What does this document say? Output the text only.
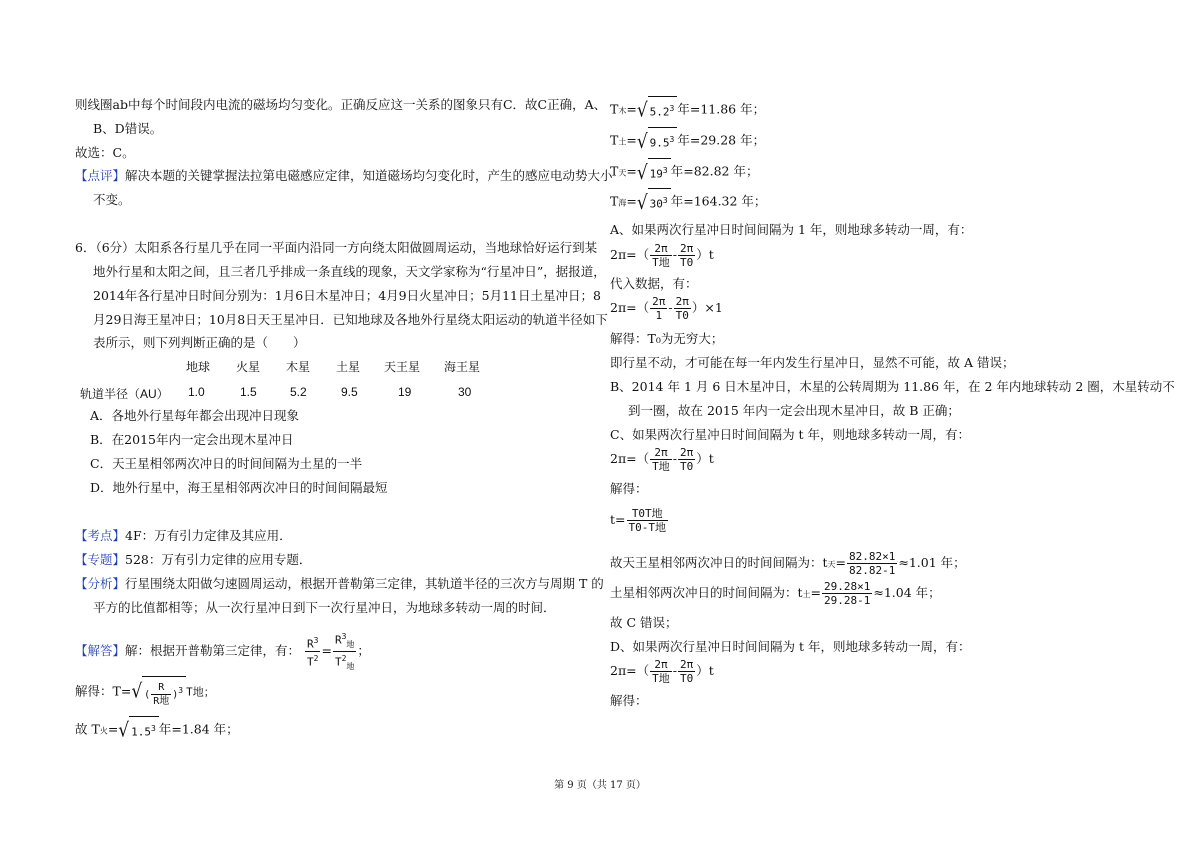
则线圈ab中每个时间段内电流的磁场均匀变化。正确反应这一关系的图象只有C．故C正确，A、
B、D错误。
故选：C。
【点评】解决本题的关键掌握法拉第电磁感应定律，知道磁场均匀变化时，产生的感应电动势大小
不变。
6．（6分）太阳系各行星几乎在同一平面内沿同一方向绕太阳做圆周运动，当地球恰好运行到某
地外行星和太阳之间，且三者几乎排成一条直线的现象，天文学家称为“行星冲日”，据报道，
2014年各行星冲日时间分别为：1月6日木星冲日；4月9日火星冲日；5月11日土星冲日；8
月29日海王星冲日；10月8日天王星冲日．已知地球及各地外行星绕太阳运动的轨道半径如下
表所示，则下列判断正确的是（　　）
地球 火星 木星 土星 天王星 海王星
轨道半径（AU） 1.0	1.5	5.2	9.5	19	30
A．各地外行星每年都会出现冲日现象
B．在2015年内一定会出现木星冲日
C．天王星相邻两次冲日的时间间隔为土星的一半
D．地外行星中，海王星相邻两次冲日的时间间隔最短
【考点】4F：万有引力定律及其应用．
【专题】528：万有引力定律的应用专题．
【分析】行星围绕太阳做匀速圆周运动，根据开普勒第三定律，其轨道半径的三次方与周期 T 的
平方的比值都相等；从一次行星冲日到下一次行星冲日，为地球多转动一周的时间．
【解答】解：根据开普勒第三定律，有： $\frac{R^3}{T^2} = \frac{R^3_地}{T^2_地}$ ；
解得：T=√ ( $\frac{R}{\text{R地}} )^3$ T地；
故 T火=√ $1.5^3$ 年=1.84 年；
T木=√ $5.2^3$ 年=11.86 年；
T土=√ $9.5^3$ 年=29.28 年；
T天=√ $19^3$ 年=82.82 年；
T海=√ $30^3$ 年=164.32 年；
A、如果两次行星冲日时间间隔为 1 年，则地球多转动一周，有：
$2\pi=( \frac{2\pi}{\text{T地}} - \frac{2\pi}{T0} )t$
代入数据，有：
$2\pi=( \frac{2\pi}{1} - \frac{2\pi}{T0} )\times 1$
解得：T₀为无穷大；
即行星不动，才可能在每一年内发生行星冲日，显然不可能，故 A 错误；
B、2014 年 1 月 6 日木星冲日，木星的公转周期为 11.86 年，在 2 年内地球转动 2 圈，木星转动不
到一圈，故在 2015 年内一定会出现木星冲日，故 B 正确；
C、如果两次行星冲日时间间隔为 t 年，则地球多转动一周，有：
$2\pi=( \frac{2\pi}{\text{T地}} - \frac{2\pi}{T0} )t$
解得：
$t= \frac{\text{T0T地}}{\text{T0-T地}}$
故天王星相邻两次冲日的时间间隔为：t天= $\frac{82.82\times 1}{82.82-1} \approx 1.01$ 年；
土星相邻两次冲日的时间间隔为：t土= $\frac{29.28\times 1}{29.28-1} \approx 1.04$ 年；
故 C 错误；
D、如果两次行星冲日时间间隔为 t 年，则地球多转动一周，有：
$2\pi=( \frac{2\pi}{\text{T地}} - \frac{2\pi}{T0} )t$
解得：
第 9 页（共 17 页）
